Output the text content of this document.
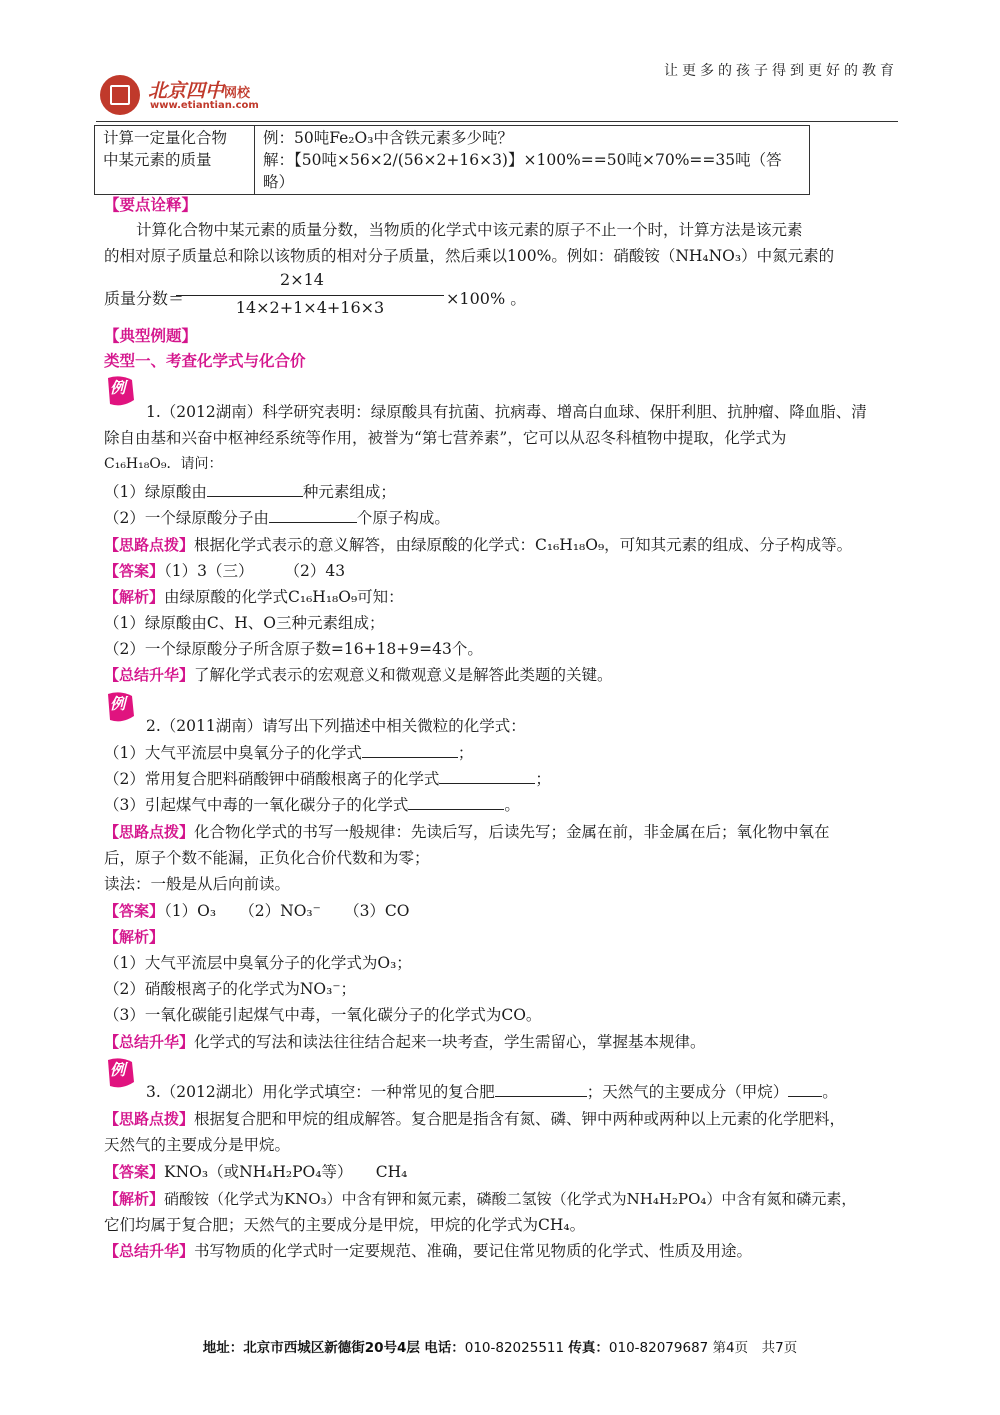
让更多的孩子得到更好的教育
北京四中网校
www.etiantian.com
计算一定量化合物
中某元素的质量

例：50吨Fe₂O₃中含铁元素多少吨？
解：【50吨×56×2/(56×2+16×3)】×100%==50吨×70%==35吨（答
略）
【要点诠释】
计算化合物中某元素的质量分数，当物质的化学式中该元素的原子不止一个时，计算方法是该元素
的相对原子质量总和除以该物质的相对分子质量，然后乘以100%。例如：硝酸铵（NH₄NO₃）中氮元素的
质量分数＝
2×14
14×2+1×4+16×3	×100% 。
【典型例题】
类型一、考查化学式与化合价
例
1.（2012湖南）科学研究表明：绿原酸具有抗菌、抗病毒、增高白血球、保肝利胆、抗肿瘤、降血脂、清
除自由基和兴奋中枢神经系统等作用，被誉为“第七营养素”，它可以从忍冬科植物中提取，化学式为
C₁₆H₁₈O₉．请问：
（1）绿原酸由	种元素组成；
（2）一个绿原酸分子由	个原子构成。
【思路点拨】根据化学式表示的意义解答，由绿原酸的化学式：C₁₆H₁₈O₉，可知其元素的组成、分子构成等。
【答案】（1）3（三）　　　（2）43
【解析】由绿原酸的化学式C₁₆H₁₈O₉可知：
（1）绿原酸由C、H、O三种元素组成；
（2）一个绿原酸分子所含原子数=16+18+9=43个。
【总结升华】了解化学式表示的宏观意义和微观意义是解答此类题的关键。
例
2.（2011湖南）请写出下列描述中相关微粒的化学式：
（1）大气平流层中臭氧分子的化学式	；
（2）常用复合肥料硝酸钾中硝酸根离子的化学式	；
（3）引起煤气中毒的一氧化碳分子的化学式	。
【思路点拨】化合物化学式的书写一般规律：先读后写，后读先写；金属在前，非金属在后；氧化物中氧在
后，原子个数不能漏，正负化合价代数和为零；
读法：一般是从后向前读。
【答案】（1）O₃　　（2）NO₃⁻　　（3）CO
【解析】
（1）大气平流层中臭氧分子的化学式为O₃；
（2）硝酸根离子的化学式为NO₃⁻；
（3）一氧化碳能引起煤气中毒，一氧化碳分子的化学式为CO。
【总结升华】化学式的写法和读法往往结合起来一块考查，学生需留心，掌握基本规律。
例
3.（2012湖北）用化学式填空：一种常见的复合肥	；天然气的主要成分（甲烷） 。
【思路点拨】根据复合肥和甲烷的组成解答。复合肥是指含有氮、磷、钾中两种或两种以上元素的化学肥料，
天然气的主要成分是甲烷。
【答案】KNO₃（或NH₄H₂PO₄等）　　CH₄
【解析】硝酸铵（化学式为KNO₃）中含有钾和氮元素，磷酸二氢铵（化学式为NH₄H₂PO₄）中含有氮和磷元素，
它们均属于复合肥；天然气的主要成分是甲烷，甲烷的化学式为CH₄。
【总结升华】书写物质的化学式时一定要规范、准确，要记住常见物质的化学式、性质及用途。
地址：北京市西城区新德街20号4层 电话：010-82025511 传真：010-82079687 第4页　共7页
